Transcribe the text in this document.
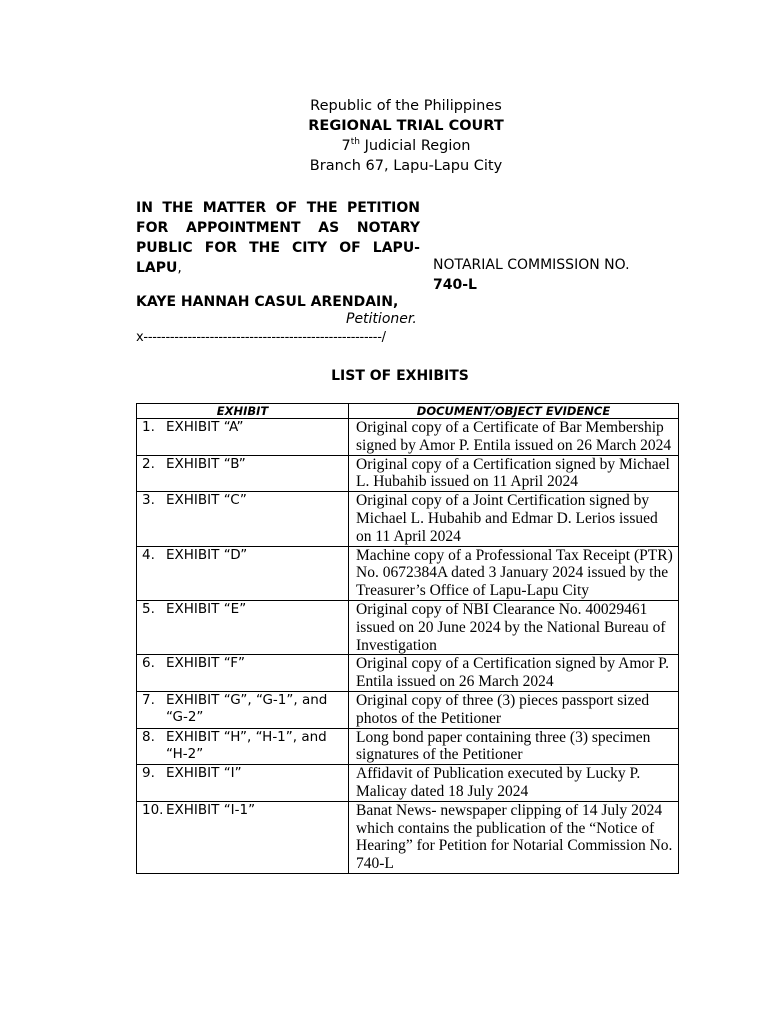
Republic of the Philippines
REGIONAL TRIAL COURT
7th Judicial Region
Branch 67, Lapu-Lapu City
IN THE MATTER OF THE PETITION FOR APPOINTMENT AS NOTARY PUBLIC FOR THE CITY OF LAPU-LAPU,	NOTARIAL COMMISSION NO.
740-L
KAYE HANNAH CASUL ARENDAIN,
Petitioner.
x------------------------------------------------------/
LIST OF EXHIBITS
EXHIBIT	DOCUMENT/OBJECT EVIDENCE

1. EXHIBIT “A”	Original copy of a Certificate of Bar Membership signed by Amor P. Entila issued on 26 March 2024

2. EXHIBIT “B”	Original copy of a Certification signed by Michael L. Hubahib issued on 11 April 2024

3. EXHIBIT “C”	Original copy of a Joint Certification signed by Michael L. Hubahib and Edmar D. Lerios issued on 11 April 2024

4. EXHIBIT “D”	Machine copy of a Professional Tax Receipt (PTR) No. 0672384A dated 3 January 2024 issued by the Treasurer’s Office of Lapu-Lapu City

5. EXHIBIT “E”	Original copy of NBI Clearance No. 40029461 issued on 20 June 2024 by the National Bureau of Investigation

6. EXHIBIT “F”	Original copy of a Certification signed by Amor P. Entila issued on 26 March 2024

7. EXHIBIT “G”, “G-1”, and “G-2”	Original copy of three (3) pieces passport sized photos of the Petitioner

8. EXHIBIT “H”, “H-1”, and “H-2”	Long bond paper containing three (3) specimen signatures of the Petitioner

9. EXHIBIT “I”	Affidavit of Publication executed by Lucky P. Malicay dated 18 July 2024

10. EXHIBIT “I-1”	Banat News- newspaper clipping of 14 July 2024 which contains the publication of the “Notice of Hearing” for Petition for Notarial Commission No. 740-L
